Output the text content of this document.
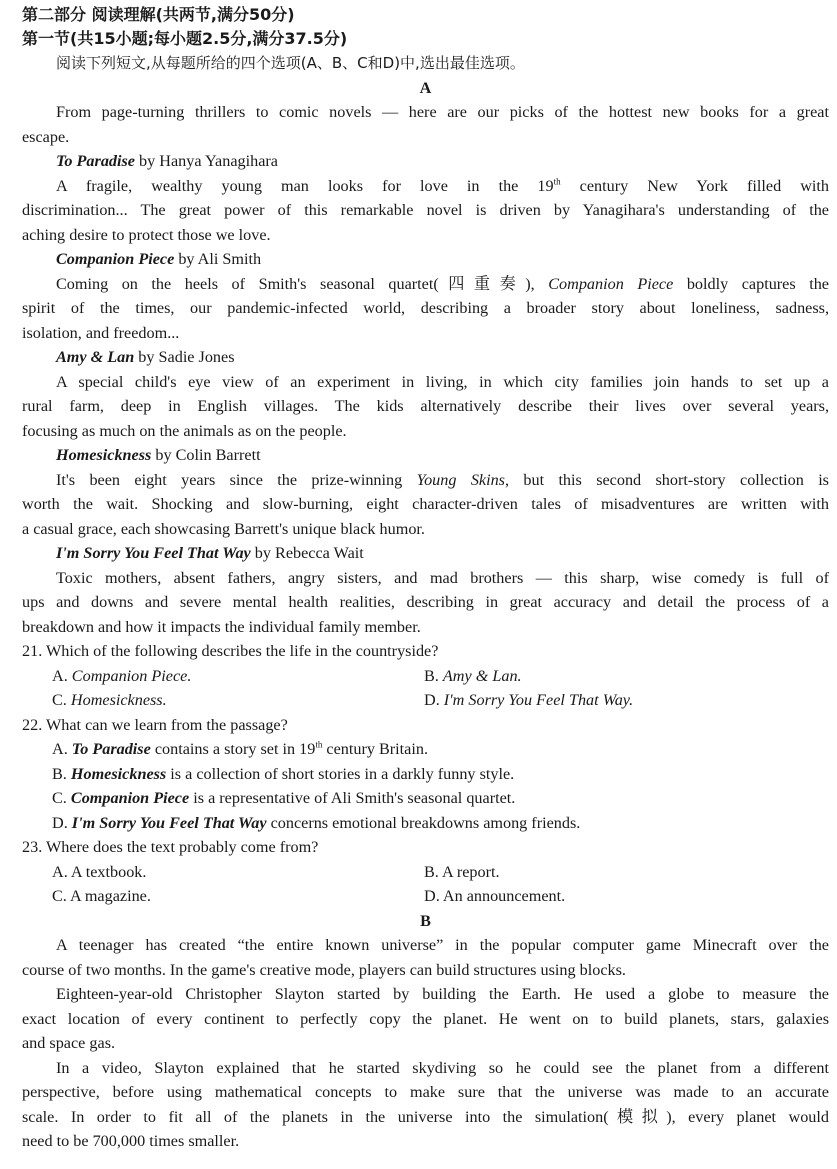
第二部分 阅读理解(共两节,满分50分)
第一节(共15小题;每小题2.5分,满分37.5分)
阅读下列短文,从每题所给的四个选项(A、B、C和D)中,选出最佳选项。
A
From page-turning thrillers to comic novels — here are our picks of the hottest new books for a great
escape.
To Paradise by Hanya Yanagihara
A fragile, wealthy young man looks for love in the 19th century New York filled with
discrimination... The great power of this remarkable novel is driven by Yanagihara's understanding of the
aching desire to protect those we love.
Companion Piece by Ali Smith
Coming on the heels of Smith's seasonal quartet(四重奏), Companion Piece boldly captures the
spirit of the times, our pandemic-infected world, describing a broader story about loneliness, sadness,
isolation, and freedom...
Amy & Lan by Sadie Jones
A special child's eye view of an experiment in living, in which city families join hands to set up a
rural farm, deep in English villages. The kids alternatively describe their lives over several years,
focusing as much on the animals as on the people.
Homesickness by Colin Barrett
It's been eight years since the prize-winning Young Skins, but this second short-story collection is
worth the wait. Shocking and slow-burning, eight character-driven tales of misadventures are written with
a casual grace, each showcasing Barrett's unique black humor.
I'm Sorry You Feel That Way by Rebecca Wait
Toxic mothers, absent fathers, angry sisters, and mad brothers — this sharp, wise comedy is full of
ups and downs and severe mental health realities, describing in great accuracy and detail the process of a
breakdown and how it impacts the individual family member.
21. Which of the following describes the life in the countryside?
A. Companion Piece.	B. Amy & Lan.
C. Homesickness.	D. I'm Sorry You Feel That Way.
22. What can we learn from the passage?
A. To Paradise contains a story set in 19th century Britain.
B. Homesickness is a collection of short stories in a darkly funny style.
C. Companion Piece is a representative of Ali Smith's seasonal quartet.
D. I'm Sorry You Feel That Way concerns emotional breakdowns among friends.
23. Where does the text probably come from?
A. A textbook.	B. A report.
C. A magazine.	D. An announcement.
B
A teenager has created “the entire known universe” in the popular computer game Minecraft over the
course of two months. In the game's creative mode, players can build structures using blocks.
Eighteen-year-old Christopher Slayton started by building the Earth. He used a globe to measure the
exact location of every continent to perfectly copy the planet. He went on to build planets, stars, galaxies
and space gas.
In a video, Slayton explained that he started skydiving so he could see the planet from a different
perspective, before using mathematical concepts to make sure that the universe was made to an accurate
scale. In order to fit all of the planets in the universe into the simulation(模拟), every planet would
need to be 700,000 times smaller.
